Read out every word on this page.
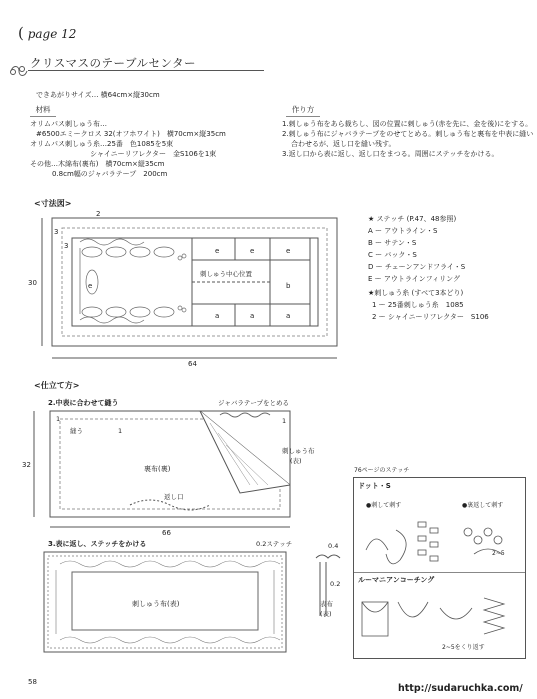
( page 12
クリスマスのテーブルセンター
できあがりサイズ… 横64cm×縦30cm
材料
オリムパス刺しゅう布…
#6500エミークロス 32(オフホワイト)　横70cm×縦35cm
オリムパス刺しゅう糸…25番　色1085を5束
シャイニーリフレクター　金S106を1束
その他…木綿布(裏布)　横70cm×縦35cm
0.8cm幅のジャバラテープ　200cm
作り方
1.刺しゅう布をあら裁ちし、図の位置に刺しゅう(赤を先に、金を後)にをする。
2.刺しゅう布にジャバラテープをのせてとめる。刺しゅう布と裏布を中表に縫い
合わせるが、返し口を縫い残す。
3.返し口から表に返し、返し口をまつる。周囲にステッチをかける。
<寸法図>
64
30
2
3
3
刺しゅう中心位置
e	e	e
b
a	a	a
e
★ ステッチ (P.47、48参照)
A ー アウトライン・S
B ー サテン・S
C ー バック・S
D ー チェーンアンドフライ・S
E ー アウトラインフィリング
★刺しゅう糸 (すべて3本どり)
1 ー 25番刺しゅう糸　1085
2 ー シャイニーリフレクター　S106
<仕立て方>
2.中表に合わせて縫う	ジャバラテープをとめる
縫う
1
1
1
裏布(裏)
刺しゅう布
(表)
返し口
32
66
3.表に返し、ステッチをかける	0.2ステッチ
刺しゅう布(表)
0.4
0.2
表布
(表)
76ページのステッチ
ドット・S
●刺して刺す	●裏返して刺す
2~5
ルーマニアンコーチング
2~5をくり返す
58
http://sudaruchka.com/
